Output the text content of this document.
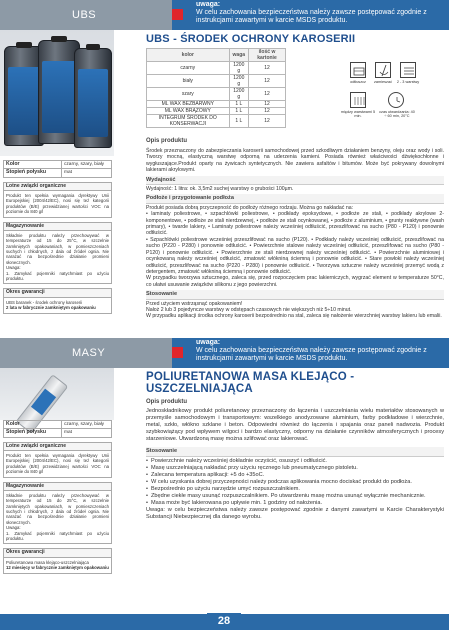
UBS
uwaga:
W celu zachowania bezpieczeństwa należy zawsze postępować zgodnie z instrukcjami zawartymi w karcie MSDS produktu.
UBS - ŚRODEK OCHRONY KAROSERII
kolor	waga	ilość w kartonie
czarny	1200 g	12
biały	1200 g	12
szary	1200 g	12
ML WAX BEZBARWNY	1 L	12
ML WAX BRĄZOWY	1 L	12
INTEGRUM ŚRODEK DO KONSERWACJI	1 L	12
odtłuszcz	zamieszać	2 - 3 warstwy
między warstwami 5 min.
czas utwardzania: 40 ÷ 60 min, 20°C
Opis produktu
Kolor	czarny, szary, biały
Stopień połysku	mat
Lotne związki organiczne
Produkt ten spełnia wymagania dyrektywy Unii Europejskiej (2004/42/EC), nosi się też kategorii produktów (B/E) przewidzianej wartości VOC na poziomie do 840 g/l
Magazynowanie
Składnie produktu należy przechowywać w temperaturze od 15 do 25°C, w szczelnie zamkniętych opakowaniach, w pomieszczeniach suchych i chłodnych, z dala od źródeł ognia. Nie narażać na bezpośrednie działanie promieni słonecznych.
Uwaga:
1. Zamykać pojemniki natychmiast po użyciu produktu.
Okres gwarancji
UBS baranek - środek ochrony karoserii
2 lata w fabrycznie zamkniętym opakowaniu
Środek przeznaczony do zabezpieczania karoserii samochodowej przed szkodliwym działaniem benzyny, oleju oraz wody i soli. Tworzy mocną, elastyczną warstwę odporną na uderzenia kamieni. Posiada również właściwości dźwiękochłonne i wygłuszające.Produkt oparty na żywicach syntetycznych. Nie zawiera asfaltów i bitumów. Może być pokrywany dowolnymi lakierami akrylowymi.
Wydajność
Wydajność: 1 litra: ok. 3,5m2 suchej warstwy o grubości 100µm.
Podłoże i przygotowanie podłoża
Produkt posiada dobrą przyczepność do podłoży różnego rodzaju. Można go nakładać na:
• laminaty poliestrowe, • szpachlówki poliestrowe, • podkłady epoksydowe, • podłoże ze stali, • podkłady akrylowe 2-komponentowe, • podłoże ze stali nierdzewnej, • podłoże ze stali ocynkowanej, • podłoże z aluminium, • grunty reaktywne (wash primary), • twarde lakiery, • Laminaty poliestrowe należy wcześniej odtłuścić, przeszlifować na sucho (P80 - P120) i ponownie odtłuścić.
• Szpachlówki poliestrowe wcześniej przeszlifować na sucho (P120). • Podkłady należy wcześniej odtłuścić, przeszlifować na sucho (P220 - P280) i ponownie odtłuścić. • Powierzchnie stalowe należy wcześniej odtłuścić, przeszlifować na sucho (P80 - P120) i ponownie odtłuścić. • Powierzchnie ze stali nierdzewnej należy wcześniej odtłuścić. • Powierzchnie aluminiowej i ocynkowaną należy wcześniej odtłuścić, zmatowić włókniną ściemną i ponownie odtłuścić. • Stare powłoki należy wcześniej odtłuścić, przeszlifować na sucho (P220 - P280) i ponownie odtłuścić. • Tworzywa sztuczne należy wcześniej przemyć wodą z detergentem, zmatowić włókniną ściemną i ponownie odtłuścić.
W przypadku tworzywa sztucznego, zaleca się, przed rozpoczęciem prac lakierniczych, wygrzać element w temperaturze 50°C, co ułatwi usuwanie związków silikonu z jego powierzchni.
Stosowanie
Przed użyciem wstrząsnąć opakowaniem!
Nałoż 2 lub 3 pojedyncze warstwy w odstępach czasowych nie większych niż 5÷10 minut.
W przypadku aplikacji środka ochrony karoserii bezpośrednio na stal, zaleca się nałożenie wierzchniej warstwy lakieru lub emalii.
MASY
uwaga:
W celu zachowania bezpieczeństwa należy zawsze postępować zgodnie z instrukcjami zawartymi w karcie MSDS produktu.
POLIURETANOWA MASA KLEJĄCO -
USZCZELNIAJĄCA
Kolor	czarny, szary, biały
Stopień połysku	mat
Lotne związki organiczne
Produkt ten spełnia wymagania dyrektywy Unii Europejskiej (2004/42/EC), nosi się też kategorii produktów (B/E) przewidzianej wartości VOC na poziomie do 840 g/l
Magazynowanie
Składnie produktu należy przechowywać w temperaturze od 15 do 25°C, w szczelnie zamkniętych opakowaniach, w pomieszczeniach suchych i chłodnych, z dala od źródeł ognia. Nie narażać na bezpośrednie działanie promieni słonecznych.
Uwaga:
1. Zamykać pojemniki natychmiast po użyciu produktu.
Okres gwarancji
Poliuretanowa masa klejąco-uszczelniająca
12 miesięcy w fabrycznie zamkniętym opakowaniu
Opis produktu
Jednoskładnikowy produkt poliuretanowy przeznaczony do łączenia i uszczelniania wielu materiałów stosowanych w przemyśle samochodowym i transportowym: wszelkiego anodyzowane aluminium, farby podkładowe i wierzchnie, metal, szkło, włókno szklane i beton. Odpowiedni również do łączenia i spajania oraz paneli nadwozia. Produkt szybkowiążący pod wpływem wilgoci i bardzo elastyczny, odporny na działanie czynników atmosferycznych i procesy starzeniowe. Utwardzoną masę można szlifować oraz lakierować.
Stosowanie
• Powierzchnie należy wcześniej dokładnie oczyścić, osuszyć i odtłuścić.
• Masę uszczelniającą nakładać przy użyciu ręcznego lub pneumatycznego pistoletu.
• Zalecana temperatura aplikacji: +5 do +35oC.
• W celu uzyskania dobrej przyczepności należy podczas aplikowania mocno dociskać produkt do podłoża.
• Bezpośrednio po użyciu narzędzie umyć rozpuszczalnikiem.
• Zbędne ciekłe masy usunąć rozpuszczalnikiem. Po utwardzeniu masę można usunąć wyłącznie mechanicznie.
• Masa może być lakierowana po upływie min. 1 godziny od nałożenia.
Uwaga: w celu bezpieczeństwa należy zawsze postępować zgodnie z danymi zawartymi w Karcie Charakterystyki Substancji Niebezpiecznej dla danego wyrobu.
28
